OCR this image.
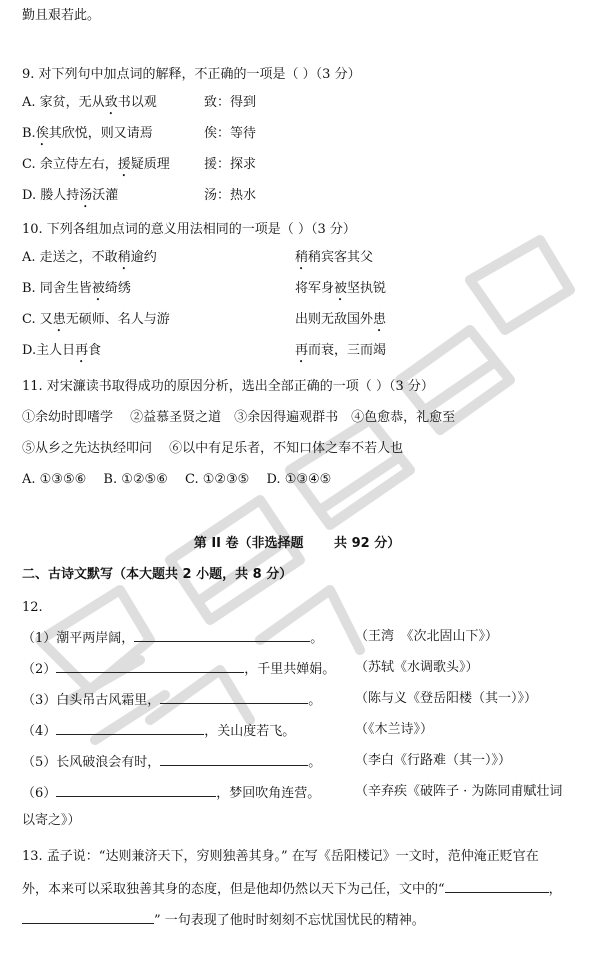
勤且艰若此。
9. 对下列句中加点词的解释，不正确的一项是（ ）（3 分）
A. 家贫，无从致书以观	致：得到
B.俟其欣悦，则又请焉	俟：等待
C. 余立侍左右，援疑质理	援：探求
D. 媵人持汤沃灌	汤：热水
10. 下列各组加点词的意义用法相同的一项是（ ）（3 分）
A. 走送之，不敢稍逾约	稍稍宾客其父
B. 同舍生皆被绮绣	将军身被坚执锐
C. 又患无硕师、名人与游	出则无敌国外患
D.主人日再食	再而衰，三而竭
11. 对宋濂读书取得成功的原因分析，选出全部正确的一项（ ）（3 分）
①余幼时即嗜学　 ②益慕圣贤之道　③余因得遍观群书　④色愈恭，礼愈至
⑤从乡之先达执经叩问　 ⑥以中有足乐者，不知口体之奉不若人也
A. ①③⑤⑥　 B. ①②⑤⑥　 C. ①②③⑤　 D. ①③④⑤
第 II 卷（非选择题　　 共 92 分）
二、古诗文默写（本大题共 2 小题，共 8 分）
12.
（1）潮平两岸阔，	。 （王湾　《次北固山下》）
（2）	，千里共婵娟。 （苏轼《水调歌头》）
（3）白头吊古风霜里，	。	（陈与义《登岳阳楼（其一）》）
（4）	，关山度若飞。	（《木兰诗》）
（5）长风破浪会有时，	。	（李白《行路难（其一）》）
（6）	，梦回吹角连营。	（辛弃疾《破阵子 · 为陈同甫赋壮词
以寄之》）
13. 孟子说：“达则兼济天下，穷则独善其身。” 在写《岳阳楼记》一文时，范仲淹正贬官在
外，本来可以采取独善其身的态度，但是他却仍然以天下为己任，文中的“	，
” 一句表现了他时时刻刻不忘忧国忧民的精神。
